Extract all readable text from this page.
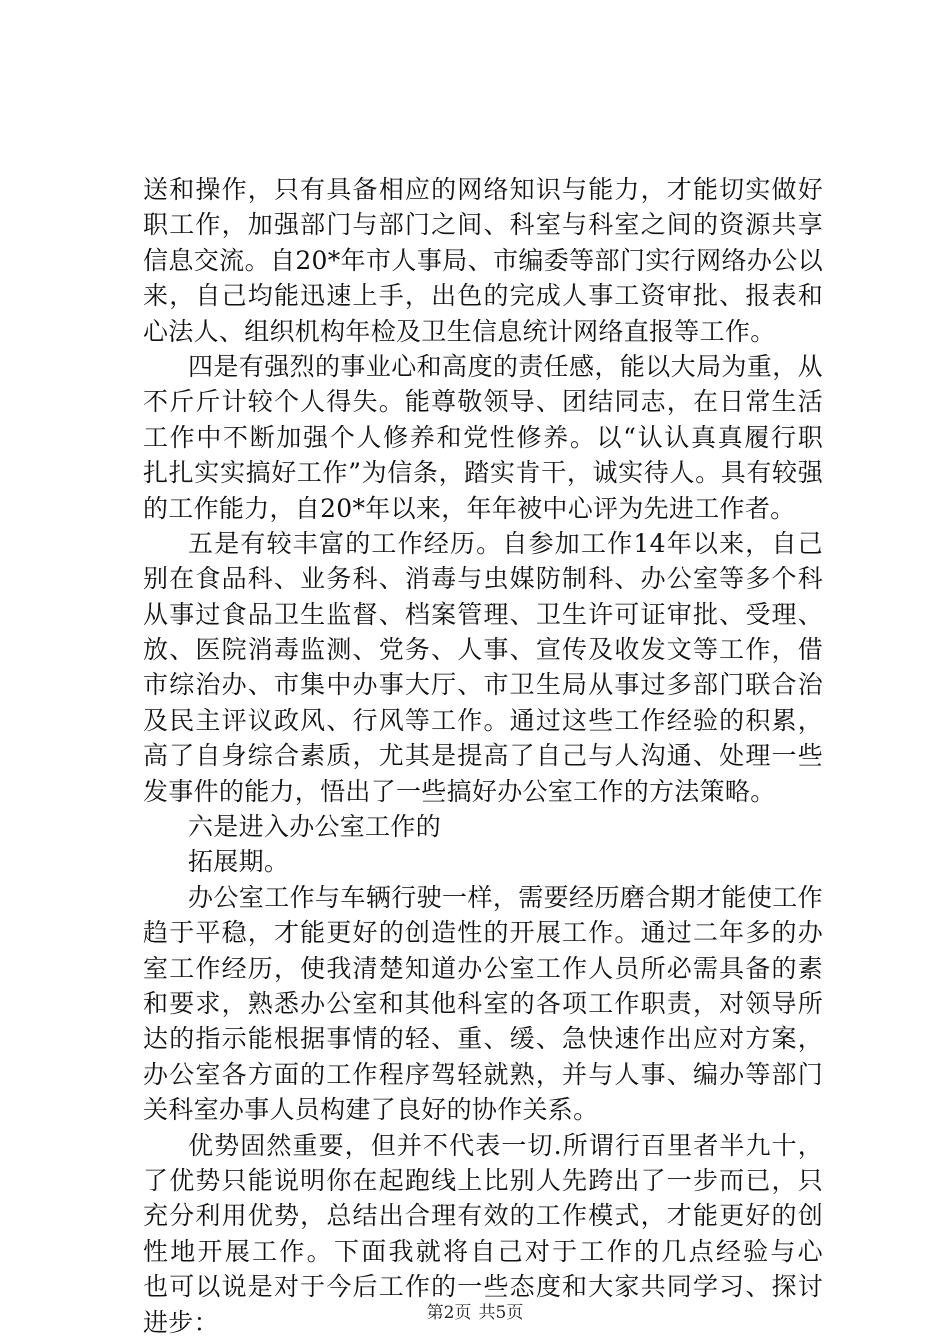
送和操作，只有具备相应的网络知识与能力，才能切实做好
职工作，加强部门与部门之间、科室与科室之间的资源共享
信息交流。自20*年市人事局、市编委等部门实行网络办公以
来，自己均能迅速上手，出色的完成人事工资审批、报表和
心法人、组织机构年检及卫生信息统计网络直报等工作。
四是有强烈的事业心和高度的责任感，能以大局为重，从
不斤斤计较个人得失。能尊敬领导、团结同志，在日常生活
工作中不断加强个人修养和党性修养。以“认认真真履行职
扎扎实实搞好工作”为信条，踏实肯干，诚实待人。具有较强
的工作能力，自20*年以来，年年被中心评为先进工作者。
五是有较丰富的工作经历。自参加工作14年以来，自己
别在食品科、业务科、消毒与虫媒防制科、办公室等多个科
从事过食品卫生监督、档案管理、卫生许可证审批、受理、
放、医院消毒监测、党务、人事、宣传及收发文等工作，借
市综治办、市集中办事大厅、市卫生局从事过多部门联合治
及民主评议政风、行风等工作。通过这些工作经验的积累，
高了自身综合素质，尤其是提高了自己与人沟通、处理一些
发事件的能力，悟出了一些搞好办公室工作的方法策略。
六是进入办公室工作的
拓展期。
办公室工作与车辆行驶一样，需要经历磨合期才能使工作
趋于平稳，才能更好的创造性的开展工作。通过二年多的办
室工作经历，使我清楚知道办公室工作人员所必需具备的素
和要求，熟悉办公室和其他科室的各项工作职责，对领导所
达的指示能根据事情的轻、重、缓、急快速作出应对方案，
办公室各方面的工作程序驾轻就熟，并与人事、编办等部门
关科室办事人员构建了良好的协作关系。
优势固然重要，但并不代表一切.所谓行百里者半九十，
了优势只能说明你在起跑线上比别人先跨出了一步而已，只
充分利用优势，总结出合理有效的工作模式，才能更好的创
性地开展工作。下面我就将自己对于工作的几点经验与心
也可以说是对于今后工作的一些态度和大家共同学习、探讨
进步：	第2页 共5页
